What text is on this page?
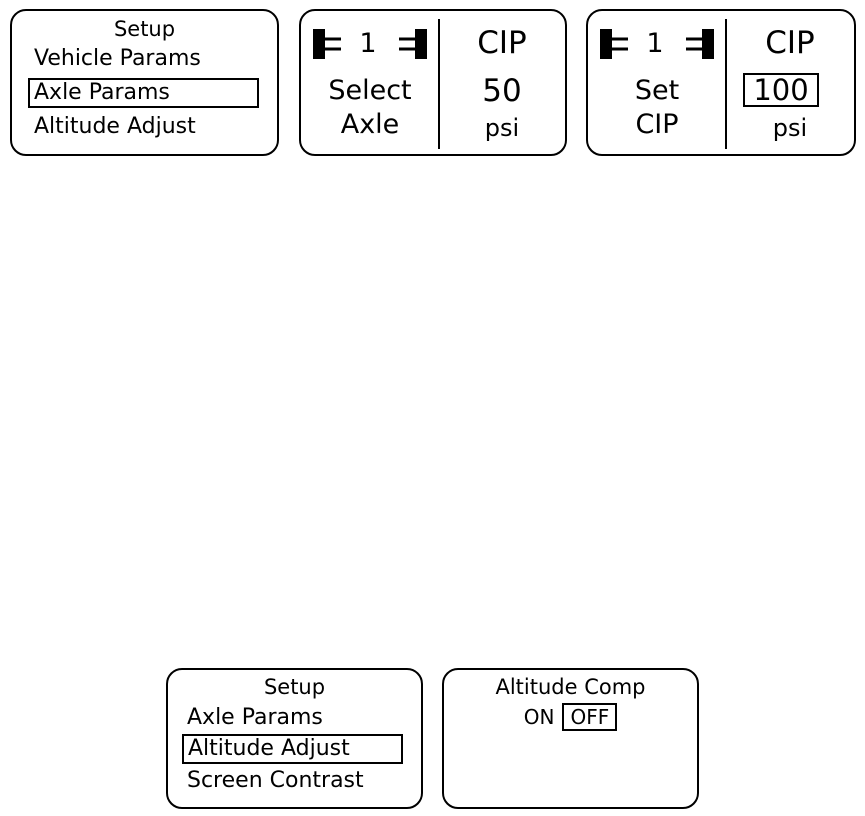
Setup
Vehicle Params
Axle Params
Altitude Adjust
1
Select
Axle
CIP
50
psi
1
Set
CIP
CIP
100
psi
Setup
Axle Params
Altitude Adjust
Screen Contrast
Altitude Comp
ON OFF
